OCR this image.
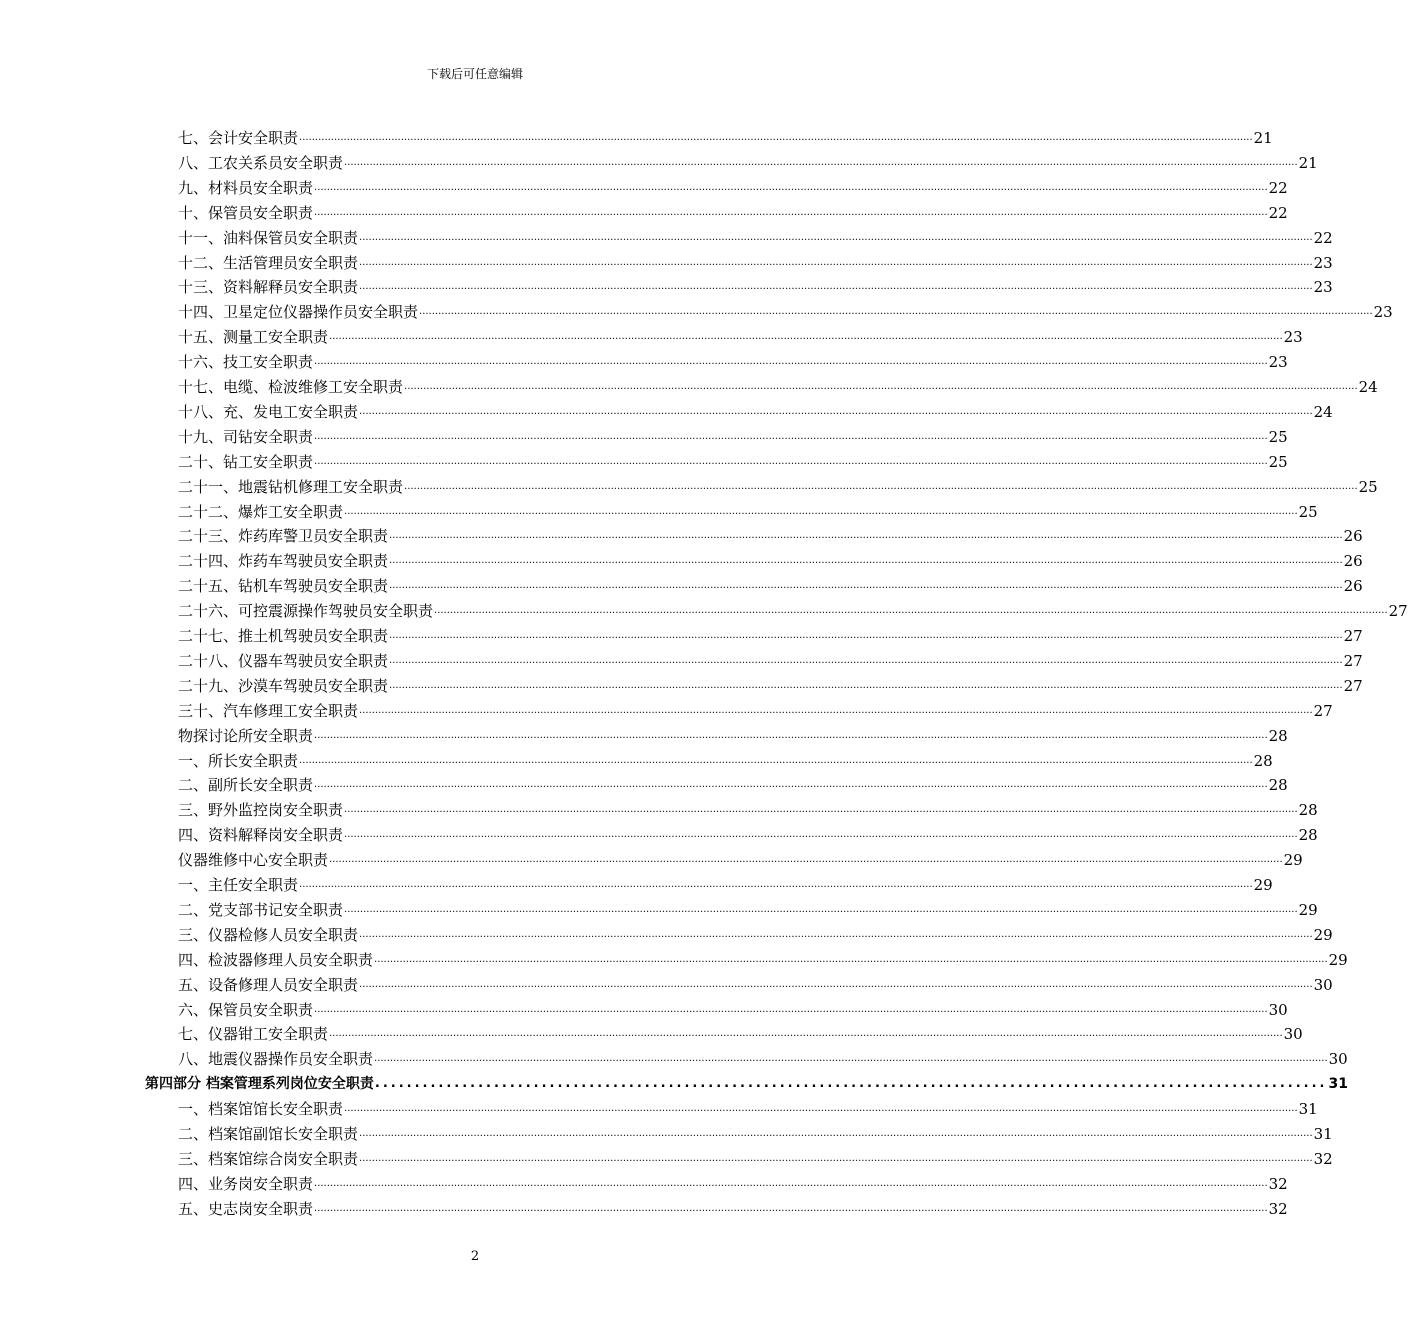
下载后可任意编辑
七、会计安全职责 ............................................................................................................................................................................................................................................................................................................ 21
八、工农关系员安全职责 ............................................................................................................................................................................................................................................................................................................ 21
九、材料员安全职责 ............................................................................................................................................................................................................................................................................................................ 22
十、保管员安全职责 ............................................................................................................................................................................................................................................................................................................ 22
十一、油料保管员安全职责 ............................................................................................................................................................................................................................................................................................................ 22
十二、生活管理员安全职责 ............................................................................................................................................................................................................................................................................................................ 23
十三、资料解释员安全职责 ............................................................................................................................................................................................................................................................................................................ 23
十四、卫星定位仪器操作员安全职责 ............................................................................................................................................................................................................................................................................................................ 23
十五、测量工安全职责 ............................................................................................................................................................................................................................................................................................................ 23
十六、技工安全职责 ............................................................................................................................................................................................................................................................................................................ 23
十七、电缆、检波维修工安全职责 ............................................................................................................................................................................................................................................................................................................ 24
十八、充、发电工安全职责 ............................................................................................................................................................................................................................................................................................................ 24
十九、司钻安全职责 ............................................................................................................................................................................................................................................................................................................ 25
二十、钻工安全职责 ............................................................................................................................................................................................................................................................................................................ 25
二十一、地震钻机修理工安全职责 ............................................................................................................................................................................................................................................................................................................ 25
二十二、爆炸工安全职责 ............................................................................................................................................................................................................................................................................................................ 25
二十三、炸药库警卫员安全职责 ............................................................................................................................................................................................................................................................................................................ 26
二十四、炸药车驾驶员安全职责 ............................................................................................................................................................................................................................................................................................................ 26
二十五、钻机车驾驶员安全职责 ............................................................................................................................................................................................................................................................................................................ 26
二十六、可控震源操作驾驶员安全职责 ............................................................................................................................................................................................................................................................................................................ 27
二十七、推土机驾驶员安全职责 ............................................................................................................................................................................................................................................................................................................ 27
二十八、仪器车驾驶员安全职责 ............................................................................................................................................................................................................................................................................................................ 27
二十九、沙漠车驾驶员安全职责 ............................................................................................................................................................................................................................................................................................................ 27
三十、汽车修理工安全职责 ............................................................................................................................................................................................................................................................................................................ 27
物探讨论所安全职责 ............................................................................................................................................................................................................................................................................................................ 28
一、所长安全职责 ............................................................................................................................................................................................................................................................................................................ 28
二、副所长安全职责 ............................................................................................................................................................................................................................................................................................................ 28
三、野外监控岗安全职责 ............................................................................................................................................................................................................................................................................................................ 28
四、资料解释岗安全职责 ............................................................................................................................................................................................................................................................................................................ 28
仪器维修中心安全职责 ............................................................................................................................................................................................................................................................................................................ 29
一、主任安全职责 ............................................................................................................................................................................................................................................................................................................ 29
二、党支部书记安全职责 ............................................................................................................................................................................................................................................................................................................ 29
三、仪器检修人员安全职责 ............................................................................................................................................................................................................................................................................................................ 29
四、检波器修理人员安全职责 ............................................................................................................................................................................................................................................................................................................ 29
五、设备修理人员安全职责 ............................................................................................................................................................................................................................................................................................................ 30
六、保管员安全职责 ............................................................................................................................................................................................................................................................................................................ 30
七、仪器钳工安全职责 ............................................................................................................................................................................................................................................................................................................ 30
八、地震仪器操作员安全职责 ............................................................................................................................................................................................................................................................................................................ 30
第四部分 档案管理系列岗位安全职责 ........................................................................................................................ 31
一、档案馆馆长安全职责 ............................................................................................................................................................................................................................................................................................................ 31
二、档案馆副馆长安全职责 ............................................................................................................................................................................................................................................................................................................ 31
三、档案馆综合岗安全职责 ............................................................................................................................................................................................................................................................................................................ 32
四、业务岗安全职责 ............................................................................................................................................................................................................................................................................................................ 32
五、史志岗安全职责 ............................................................................................................................................................................................................................................................................................................ 32
2
